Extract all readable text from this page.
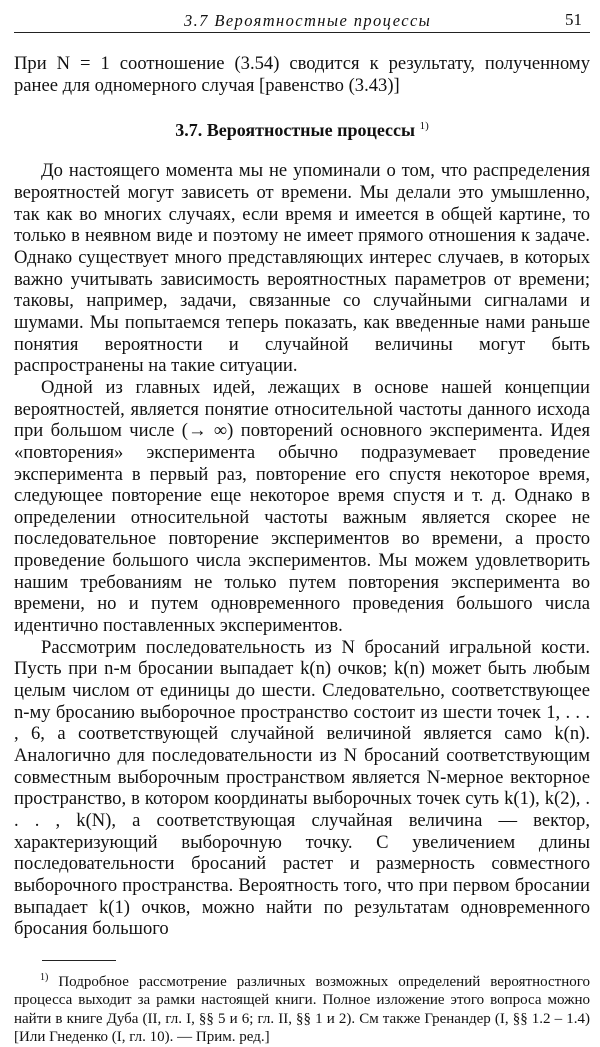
3.7 Вероятностные процессы	51

При N = 1 соотношение (3.54) сводится к результату, полученному ранее для одномерного случая [равенство (3.43)]

3.7. Вероятностные процессы $^{1)}$

До настоящего момента мы не упоминали о том, что распределения вероятностей могут зависеть от времени. Мы делали это умышленно, так как во многих случаях, если время и имеется в общей картине, то только в неявном виде и поэтому не имеет прямого отношения к задаче. Однако существует много представляющих интерес случаев, в которых важно учитывать зависимость вероятностных параметров от времени; таковы, например, задачи, связанные со случайными сигналами и шумами. Мы попытаемся теперь показать, как введенные нами раньше понятия вероятности и случайной величины могут быть распространены на такие ситуации.

Одной из главных идей, лежащих в основе нашей концепции вероятностей, является понятие относительной частоты данного исхода при большом числе (→ ∞) повторений основного эксперимента. Идея «повторения» эксперимента обычно подразумевает проведение эксперимента в первый раз, повторение его спустя некоторое время, следующее повторение еще некоторое время спустя и т. д. Однако в определении относительной частоты важным является скорее не последовательное повторение экспериментов во времени, а просто проведение большого числа экспериментов. Мы можем удовлетворить нашим требованиям не только путем повторения эксперимента во времени, но и путем одновременного проведения большого числа идентично поставленных экспериментов.

Рассмотрим последовательность из N бросаний игральной кости. Пусть при n-м бросании выпадает k(n) очков; k(n) может быть любым целым числом от единицы до шести. Следовательно, соответствующее n-му бросанию выборочное пространство состоит из шести точек 1, . . . , 6, а соответствующей случайной величиной является само k(n). Аналогично для последовательности из N бросаний соответствующим совместным выборочным пространством является N-мерное векторное пространство, в котором координаты выборочных точек суть k(1), k(2), . . . , k(N), а соответствующая случайная величина — вектор, характеризующий выборочную точку. С увеличением длины последовательности бросаний растет и размерность совместного выборочного пространства. Вероятность того, что при первом бросании выпадает k(1) очков, можно найти по результатам одновременного бросания большого

$^{1)}$ Подробное рассмотрение различных возможных определений вероятностного процесса выходит за рамки настоящей книги. Полное изложение этого вопроса можно найти в книге Дуба (II, гл. I, §§ 5 и 6; гл. II, §§ 1 и 2). См также Гренандер (I, §§ 1.2 – 1.4) [Или Гнеденко (I, гл. 10). — Прим. ред.]
